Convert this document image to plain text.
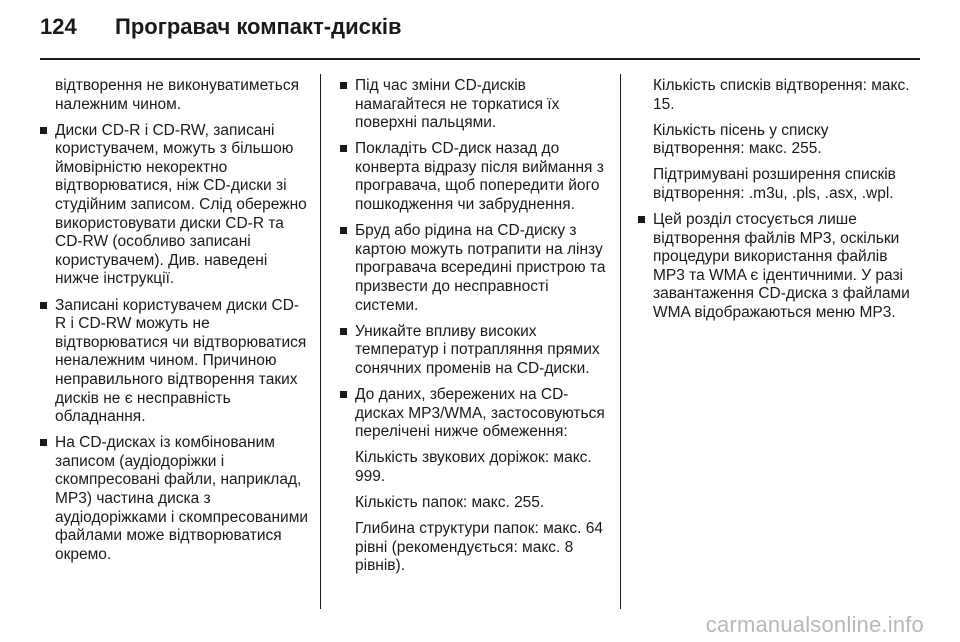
124	Програвач компакт-дисків

відтворення не виконуватиметься належним чином.

Диски CD-R і CD-RW, записані користувачем, можуть з більшою ймовірністю некоректно відтворюватися, ніж CD-диски зі студійним записом. Слід обережно використовувати диски CD-R та CD-RW (особливо записані користувачем). Див. наведені нижче інструкції.

Записані користувачем диски CD-R і CD-RW можуть не відтворюватися чи відтворюватися неналежним чином. Причиною неправильного відтворення таких дисків не є несправність обладнання.

На CD-дисках із комбінованим записом (аудіодоріжки і скомпресовані файли, наприклад, MP3) частина диска з аудіодоріжками і скомпресованими файлами може відтворюватися окремо.

Під час зміни CD-дисків намагайтеся не торкатися їх поверхні пальцями.

Покладіть CD-диск назад до конверта відразу після виймання з програвача, щоб попередити його пошкодження чи забруднення.

Бруд або рідина на CD-диску з картою можуть потрапити на лінзу програвача всередині пристрою та призвести до несправності системи.

Уникайте впливу високих температур і потрапляння прямих сонячних променів на CD-диски.

До даних, збережених на CD-дисках MP3/WMA, застосовуються перелічені нижче обмеження:

Кількість звукових доріжок: макс. 999.

Кількість папок: макс. 255.

Глибина структури папок: макс. 64 рівні (рекомендується: макс. 8 рівнів).

Кількість списків відтворення: макс. 15.

Кількість пісень у списку відтворення: макс. 255.

Підтримувані розширення списків відтворення: .m3u, .pls, .asx, .wpl.

Цей розділ стосується лише відтворення файлів MP3, оскільки процедури використання файлів MP3 та WMA є ідентичними. У разі завантаження CD-диска з файлами WMA відображаються меню MP3.

carmanualsonline.info
